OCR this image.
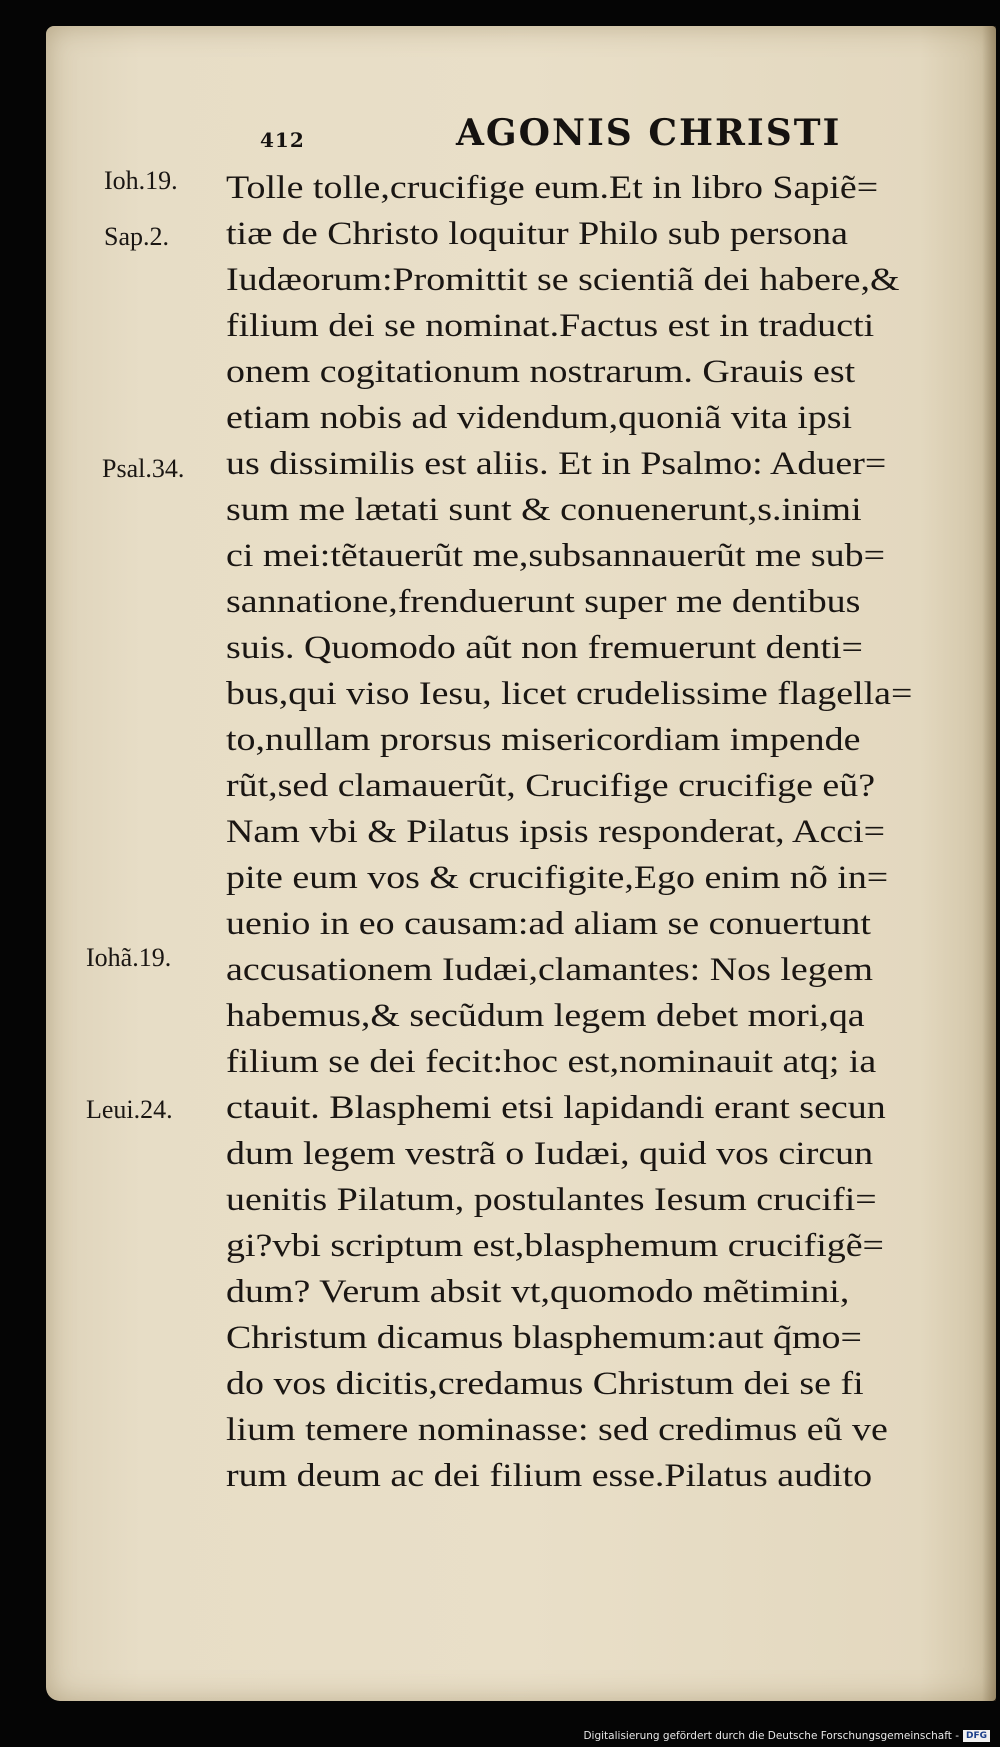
412	AGONIS CHRISTI
Ioh.19.
Sap.2.
Psal.34.
Iohã.19.
Leui.24.
Tolle tolle,crucifige eum.Et in libro Sapiẽ=
tiæ de Christo loquitur Philo sub persona
Iudæorum:Promittit se scientiã dei habere,&
filium dei se nominat.Factus est in traducti
onem cogitationum nostrarum. Grauis est
etiam nobis ad videndum,quoniã vita ipsi
us dissimilis est aliis. Et in Psalmo: Aduer=
sum me lætati sunt & conuenerunt,s.inimi
ci mei:tẽtauerũt me,subsannauerũt me sub=
sannatione,frenduerunt super me dentibus
suis. Quomodo aũt non fremuerunt denti=
bus,qui viso Iesu, licet crudelissime flagella=
to,nullam prorsus misericordiam impende
rũt,sed clamauerũt, Crucifige crucifige eũ?
Nam vbi & Pilatus ipsis responderat, Acci=
pite eum vos & crucifigite,Ego enim nõ in=
uenio in eo causam:ad aliam se conuertunt
accusationem Iudæi,clamantes: Nos legem
habemus,& secũdum legem debet mori,qa
filium se dei fecit:hoc est,nominauit atq; ia
ctauit. Blasphemi etsi lapidandi erant secun
dum legem vestrã o Iudæi, quid vos circun
uenitis Pilatum, postulantes Iesum crucifi=
gi?vbi scriptum est,blasphemum crucifigẽ=
dum? Verum absit vt,quomodo mẽtimini,
Christum dicamus blasphemum:aut q̃mo=
do vos dicitis,credamus Christum dei se fi
lium temere nominasse: sed credimus eũ ve
rum deum ac dei filium esse.Pilatus audito
Digitalisierung gefördert durch die Deutsche Forschungsgemeinschaft - DFG
